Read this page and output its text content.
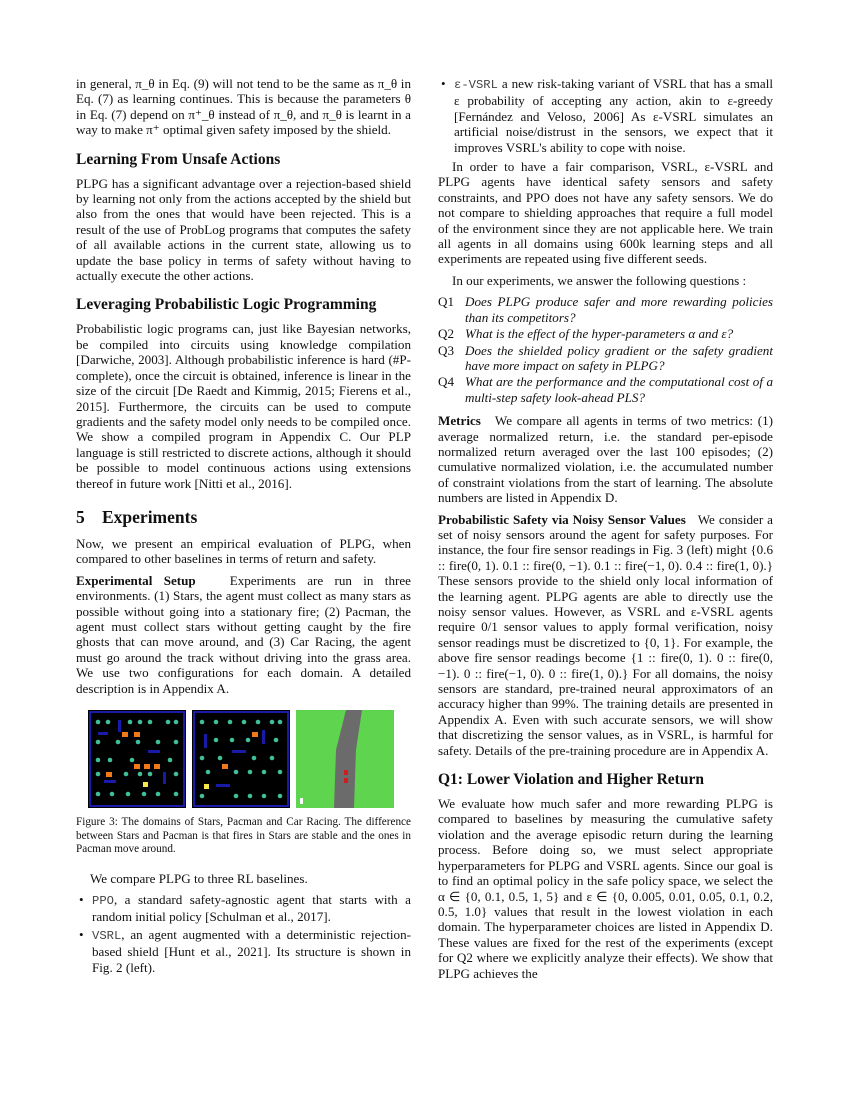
in general, π_θ in Eq. (9) will not tend to be the same as π_θ in Eq. (7) as learning continues. This is because the parameters θ in Eq. (7) depend on π⁺_θ instead of π_θ, and π_θ is learnt in a way to make π⁺ optimal given safety imposed by the shield.

Learning From Unsafe Actions

PLPG has a significant advantage over a rejection-based shield by learning not only from the actions accepted by the shield but also from the ones that would have been rejected. This is a result of the use of ProbLog programs that computes the safety of all available actions in the current state, allowing us to update the base policy in terms of safety without having to actually execute the other actions.

Leveraging Probabilistic Logic Programming

Probabilistic logic programs can, just like Bayesian networks, be compiled into circuits using knowledge compilation [Darwiche, 2003]. Although probabilistic inference is hard (#P-complete), once the circuit is obtained, inference is linear in the size of the circuit [De Raedt and Kimmig, 2015; Fierens et al., 2015]. Furthermore, the circuits can be used to compute gradients and the safety model only needs to be compiled once. We show a compiled program in Appendix C. Our PLP language is still restricted to discrete actions, although it should be possible to model continuous actions using extensions thereof in future work [Nitti et al., 2016].

5 Experiments

Now, we present an empirical evaluation of PLPG, when compared to other baselines in terms of return and safety.

Experimental Setup	Experiments are run in three environments. (1) Stars, the agent must collect as many stars as possible without going into a stationary fire; (2) Pacman, the agent must collect stars without getting caught by the fire ghosts that can move around, and (3) Car Racing, the agent must go around the track without driving into the grass area. We use two configurations for each domain. A detailed description is in Appendix A.

Figure 3: The domains of Stars, Pacman and Car Racing. The difference between Stars and Pacman is that fires in Stars are stable and the ones in Pacman move around.

We compare PLPG to three RL baselines.

• PPO, a standard safety-agnostic agent that starts with a random initial policy [Schulman et al., 2017].
• VSRL, an agent augmented with a deterministic rejection-based shield [Hunt et al., 2021]. Its structure is shown in Fig. 2 (left).
• ε-VSRL a new risk-taking variant of VSRL that has a small ε probability of accepting any action, akin to ε-greedy [Fernández and Veloso, 2006] As ε-VSRL simulates an artificial noise/distrust in the sensors, we expect that it improves VSRL's ability to cope with noise.

In order to have a fair comparison, VSRL, ε-VSRL and PLPG agents have identical safety sensors and safety constraints, and PPO does not have any safety sensors. We do not compare to shielding approaches that require a full model of the environment since they are not applicable here. We train all agents in all domains using 600k learning steps and all experiments are repeated using five different seeds.

In our experiments, we answer the following questions :

Q1 Does PLPG produce safer and more rewarding policies than its competitors?
Q2 What is the effect of the hyper-parameters α and ε?
Q3 Does the shielded policy gradient or the safety gradient have more impact on safety in PLPG?
Q4 What are the performance and the computational cost of a multi-step safety look-ahead PLS?

Metrics We compare all agents in terms of two metrics: (1) average normalized return, i.e. the standard per-episode normalized return averaged over the last 100 episodes; (2) cumulative normalized violation, i.e. the accumulated number of constraint violations from the start of learning. The absolute numbers are listed in Appendix D.

Probabilistic Safety via Noisy Sensor Values We consider a set of noisy sensors around the agent for safety purposes. For instance, the four fire sensor readings in Fig. 3 (left) might {0.6 :: fire(0, 1). 0.1 :: fire(0, −1). 0.1 :: fire(−1, 0). 0.4 :: fire(1, 0).} These sensors provide to the shield only local information of the learning agent. PLPG agents are able to directly use the noisy sensor values. However, as VSRL and ε-VSRL agents require 0/1 sensor values to apply formal verification, noisy sensor readings must be discretized to {0, 1}. For example, the above fire sensor readings become {1 :: fire(0, 1). 0 :: fire(0, −1). 0 :: fire(−1, 0). 0 :: fire(1, 0).} For all domains, the noisy sensors are standard, pre-trained neural approximators of an accuracy higher than 99%. The training details are presented in Appendix A. Even with such accurate sensors, we will show that discretizing the sensor values, as in VSRL, is harmful for safety. Details of the pre-training procedure are in Appendix A.

Q1: Lower Violation and Higher Return

We evaluate how much safer and more rewarding PLPG is compared to baselines by measuring the cumulative safety violation and the average episodic return during the learning process. Before doing so, we must select appropriate hyperparameters for PLPG and VSRL agents. Since our goal is to find an optimal policy in the safe policy space, we select the α ∈ {0, 0.1, 0.5, 1, 5} and ε ∈ {0, 0.005, 0.01, 0.05, 0.1, 0.2, 0.5, 1.0} values that result in the lowest violation in each domain. The hyperparameter choices are listed in Appendix D. These values are fixed for the rest of the experiments (except for Q2 where we explicitly analyze their effects). We show that PLPG achieves the
